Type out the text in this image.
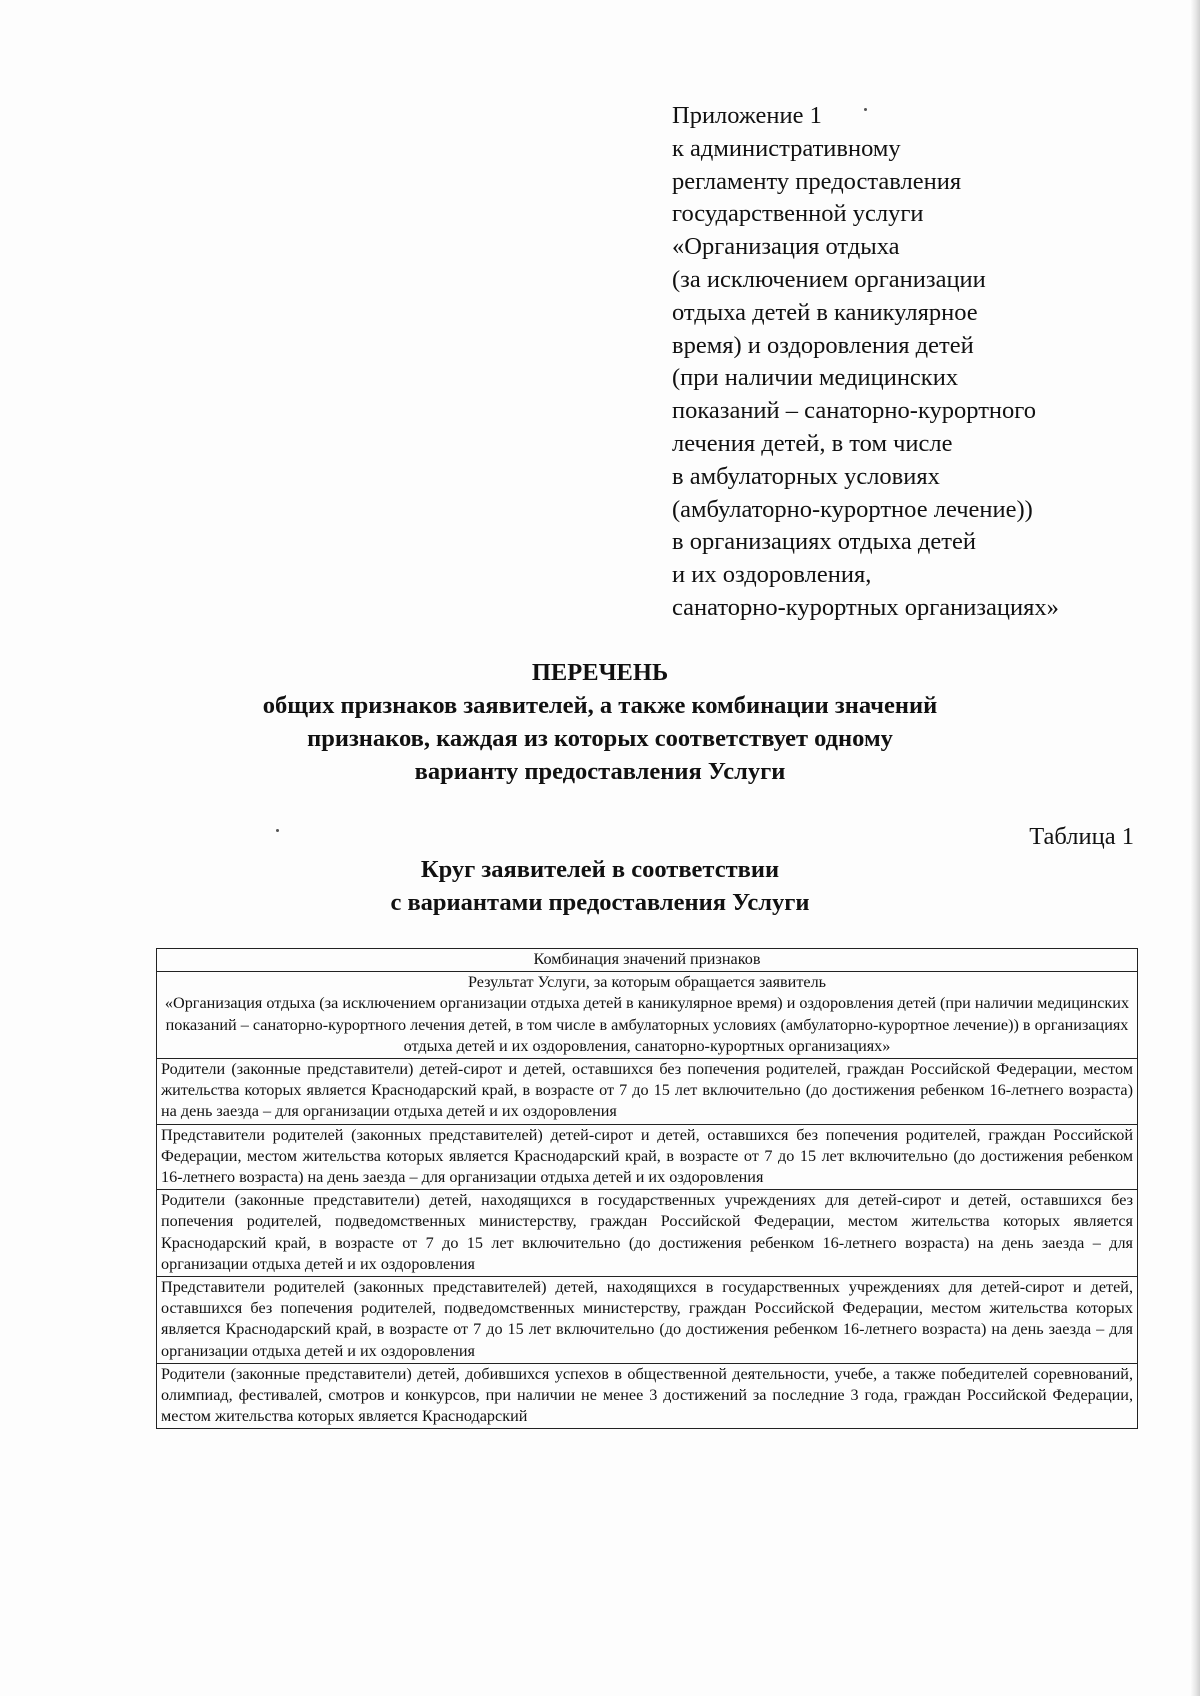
Приложение 1
к административному
регламенту предоставления
государственной услуги
«Организация отдыха
(за исключением организации
отдыха детей в каникулярное
время) и оздоровления детей
(при наличии медицинских
показаний – санаторно-курортного
лечения детей, в том числе
в амбулаторных условиях
(амбулаторно-курортное лечение))
в организациях отдыха детей
и их оздоровления,
санаторно-курортных организациях»
ПЕРЕЧЕНЬ
общих признаков заявителей, а также комбинации значений
признаков, каждая из которых соответствует одному
варианту предоставления Услуги
Таблица 1
Круг заявителей в соответствии
с вариантами предоставления Услуги
Комбинация значений признаков

Результат Услуги, за которым обращается заявитель
«Организация отдыха (за исключением организации отдыха детей в каникулярное время) и оздоровления детей (при наличии медицинских показаний – санаторно-курортного лечения детей, в том числе в амбулаторных условиях (амбулаторно-курортное лечение)) в организациях отдыха детей и их оздоровления, санаторно-курортных организациях»

Родители (законные представители) детей-сирот и детей, оставшихся без попечения родителей, граждан Российской Федерации, местом жительства которых является Краснодарский край, в возрасте от 7 до 15 лет включительно (до достижения ребенком 16-летнего возраста) на день заезда – для организации отдыха детей и их оздоровления
Представители родителей (законных представителей) детей-сирот и детей, оставшихся без попечения родителей, граждан Российской Федерации, местом жительства которых является Краснодарский край, в возрасте от 7 до 15 лет включительно (до достижения ребенком 16-летнего возраста) на день заезда – для организации отдыха детей и их оздоровления
Родители (законные представители) детей, находящихся в государственных учреждениях для детей-сирот и детей, оставшихся без попечения родителей, подведомственных министерству, граждан Российской Федерации, местом жительства которых является Краснодарский край, в возрасте от 7 до 15 лет включительно (до достижения ребенком 16-летнего возраста) на день заезда – для организации отдыха детей и их оздоровления
Представители родителей (законных представителей) детей, находящихся в государственных учреждениях для детей-сирот и детей, оставшихся без попечения родителей, подведомственных министерству, граждан Российской Федерации, местом жительства которых является Краснодарский край, в возрасте от 7 до 15 лет включительно (до достижения ребенком 16-летнего возраста) на день заезда – для организации отдыха детей и их оздоровления
Родители (законные представители) детей, добившихся успехов в общественной деятельности, учебе, а также победителей соревнований, олимпиад, фестивалей, смотров и конкурсов, при наличии не менее 3 достижений за последние 3 года, граждан Российской Федерации, местом жительства которых является Краснодарский
